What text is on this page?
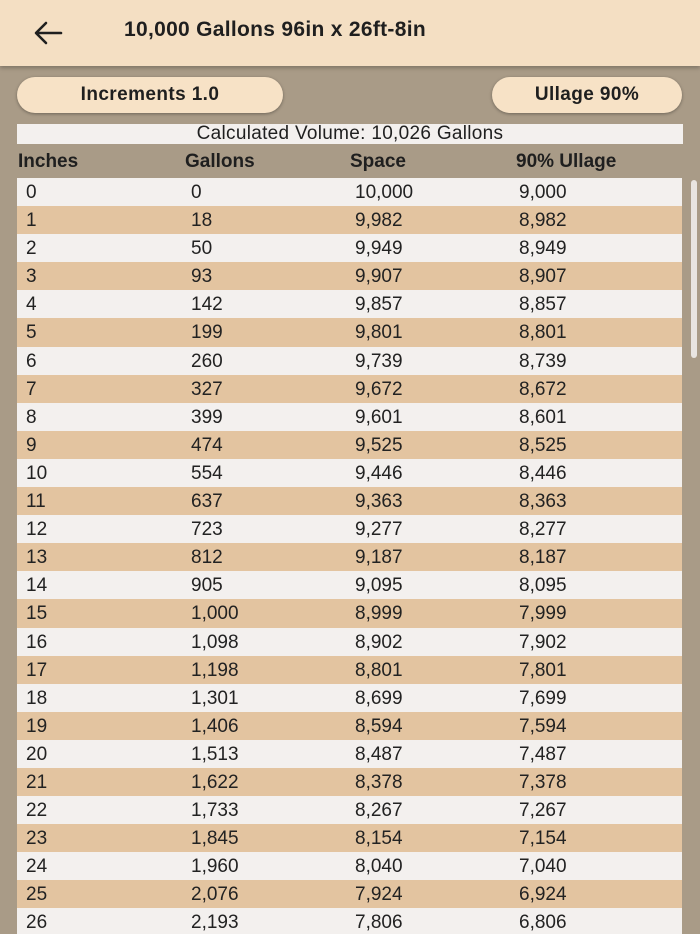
10,000 Gallons 96in x 26ft-8in
Increments 1.0	Ullage 90%
Calculated Volume: 10,026 Gallons
Inches	Gallons	Space	90% Ullage
0	0	10,000	9,000
1	18	9,982	8,982
2	50	9,949	8,949
3	93	9,907	8,907
4	142	9,857	8,857
5	199	9,801	8,801
6	260	9,739	8,739
7	327	9,672	8,672
8	399	9,601	8,601
9	474	9,525	8,525
10	554	9,446	8,446
11	637	9,363	8,363
12	723	9,277	8,277
13	812	9,187	8,187
14	905	9,095	8,095
15	1,000	8,999	7,999
16	1,098	8,902	7,902
17	1,198	8,801	7,801
18	1,301	8,699	7,699
19	1,406	8,594	7,594
20	1,513	8,487	7,487
21	1,622	8,378	7,378
22	1,733	8,267	7,267
23	1,845	8,154	7,154
24	1,960	8,040	7,040
25	2,076	7,924	6,924
26	2,193	7,806	6,806
